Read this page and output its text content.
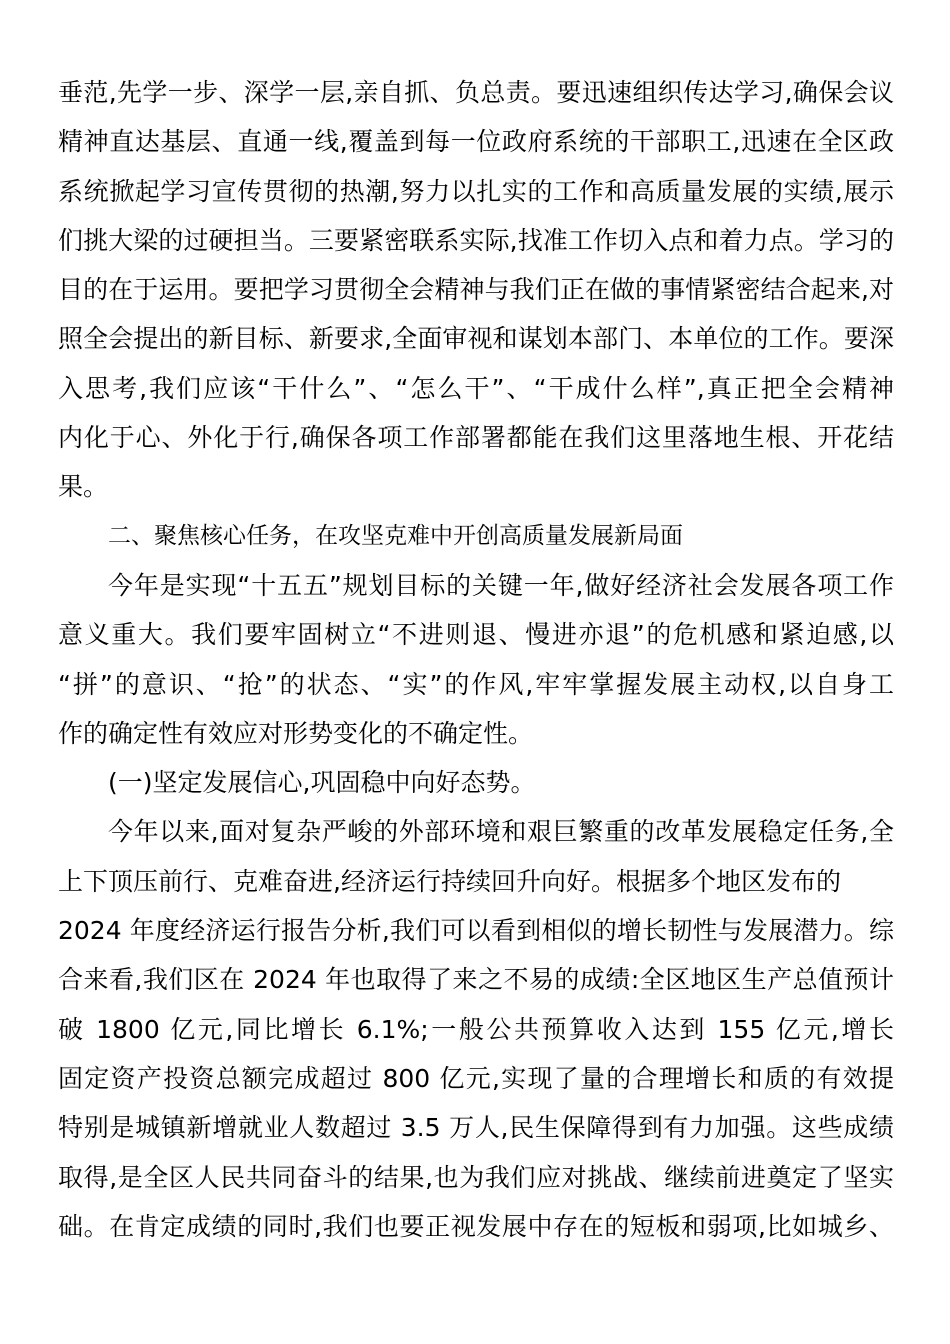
垂范,先学一步、深学一层,亲自抓、负总责。要迅速组织传达学习,确保会议
精神直达基层、直通一线,覆盖到每一位政府系统的干部职工,迅速在全区政
系统掀起学习宣传贯彻的热潮,努力以扎实的工作和高质量发展的实绩,展示
们挑大梁的过硬担当。三要紧密联系实际,找准工作切入点和着力点。学习的
目的在于运用。要把学习贯彻全会精神与我们正在做的事情紧密结合起来,对
照全会提出的新目标、新要求,全面审视和谋划本部门、本单位的工作。要深
入思考,我们应该“干什么”、“怎么干”、“干成什么样”,真正把全会精神
内化于心、外化于行,确保各项工作部署都能在我们这里落地生根、开花结
果。
二、聚焦核心任务，在攻坚克难中开创高质量发展新局面
今年是实现“十五五”规划目标的关键一年,做好经济社会发展各项工作
意义重大。我们要牢固树立“不进则退、慢进亦退”的危机感和紧迫感,以
“拼”的意识、“抢”的状态、“实”的作风,牢牢掌握发展主动权,以自身工
作的确定性有效应对形势变化的不确定性。
(一)坚定发展信心,巩固稳中向好态势。
今年以来,面对复杂严峻的外部环境和艰巨繁重的改革发展稳定任务,全
上下顶压前行、克难奋进,经济运行持续回升向好。根据多个地区发布的
2024 年度经济运行报告分析,我们可以看到相似的增长韧性与发展潜力。综
合来看,我们区在 2024 年也取得了来之不易的成绩:全区地区生产总值预计
破 1800 亿元,同比增长 6.1%;一般公共预算收入达到 155 亿元,增长
固定资产投资总额完成超过 800 亿元,实现了量的合理增长和质的有效提
特别是城镇新增就业人数超过 3.5 万人,民生保障得到有力加强。这些成绩
取得,是全区人民共同奋斗的结果,也为我们应对挑战、继续前进奠定了坚实
础。在肯定成绩的同时,我们也要正视发展中存在的短板和弱项,比如城乡、
